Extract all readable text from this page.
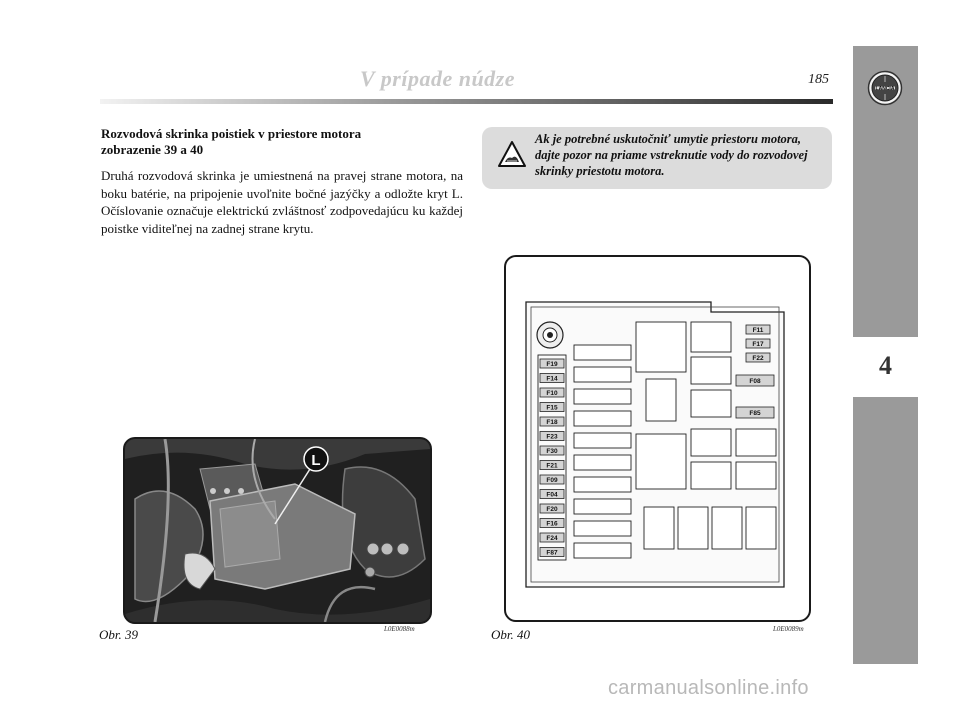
V prípade núdze	185
LANCIA
4
Rozvodová skrinka poistiek v priestore motora
zobrazenie 39 a 40
Druhá rozvodová skrinka je umiestnená na pravej strane motora, na boku batérie, na pripojenie uvoľnite bočné jazýčky a odložte kryt L. Očíslovanie označuje elektrickú zvláštnosť zodpovedajúcu ku každej poistke viditeľnej na zadnej strane krytu.
Ak je potrebné uskutočniť umytie priestoru motora, dajte pozor na priame vstreknutie vody do rozvodovej skrinky priestotu motora.
L
Obr. 39	L0E0088m
F19
F14
F10
F15
F18
F23
F30
F21
F09
F04
F20
F16
F24
F87
F11
F17
F22
F08
F85
Obr. 40	L0E0089m
carmanualsonline.info
